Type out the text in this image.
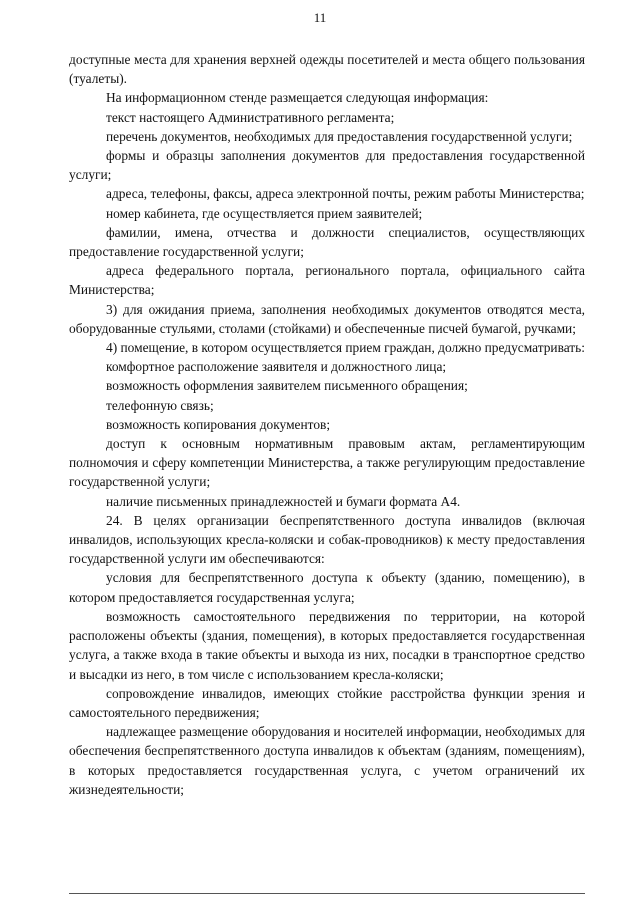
11

доступные места для хранения верхней одежды посетителей и места общего пользования (туалеты).

На информационном стенде размещается следующая информация:

текст настоящего Административного регламента;

перечень документов, необходимых для предоставления государственной услуги;

формы и образцы заполнения документов для предоставления государственной услуги;

адреса, телефоны, факсы, адреса электронной почты, режим работы Министерства;

номер кабинета, где осуществляется прием заявителей;

фамилии, имена, отчества и должности специалистов, осуществляющих предоставление государственной услуги;

адреса федерального портала, регионального портала, официального сайта Министерства;

3) для ожидания приема, заполнения необходимых документов отводятся места, оборудованные стульями, столами (стойками) и обеспеченные писчей бумагой, ручками;

4) помещение, в котором осуществляется прием граждан, должно предусматривать:

комфортное расположение заявителя и должностного лица;

возможность оформления заявителем письменного обращения;

телефонную связь;

возможность копирования документов;

доступ к основным нормативным правовым актам, регламентирующим полномочия и сферу компетенции Министерства, а также регулирующим предоставление государственной услуги;

наличие письменных принадлежностей и бумаги формата А4.

24. В целях организации беспрепятственного доступа инвалидов (включая инвалидов, использующих кресла-коляски и собак-проводников) к месту предоставления государственной услуги им обеспечиваются:

условия для беспрепятственного доступа к объекту (зданию, помещению), в котором предоставляется государственная услуга;

возможность самостоятельного передвижения по территории, на которой расположены объекты (здания, помещения), в которых предоставляется государственная услуга, а также входа в такие объекты и выхода из них, посадки в транспортное средство и высадки из него, в том числе с использованием кресла-коляски;

сопровождение инвалидов, имеющих стойкие расстройства функции зрения и самостоятельного передвижения;

надлежащее размещение оборудования и носителей информации, необходимых для обеспечения беспрепятственного доступа инвалидов к объектам (зданиям, помещениям), в которых предоставляется государственная услуга, с учетом ограничений их жизнедеятельности;
